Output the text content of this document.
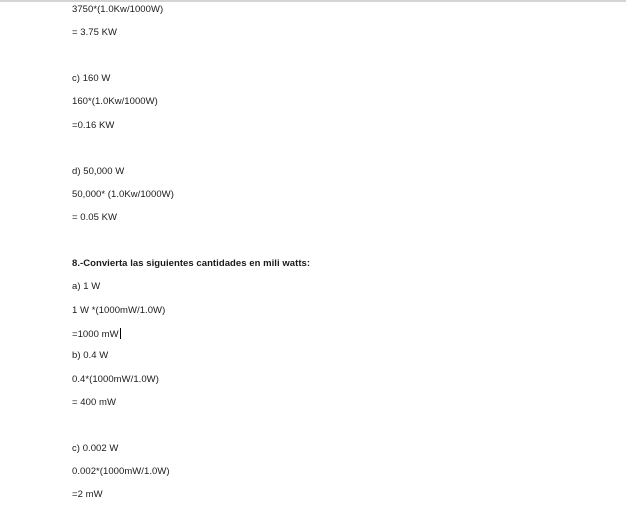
3750*(1.0Kw/1000W)
= 3.75 KW
c) 160 W
160*(1.0Kw/1000W)
=0.16 KW
d) 50,000 W
50,000* (1.0Kw/1000W)
= 0.05 KW
8.-Convierta las siguientes cantidades en mili watts:
a) 1 W
1 W *(1000mW/1.0W)
=1000 mW
b) 0.4 W
0.4*(1000mW/1.0W)
= 400 mW
c) 0.002 W
0.002*(1000mW/1.0W)
=2 mW
